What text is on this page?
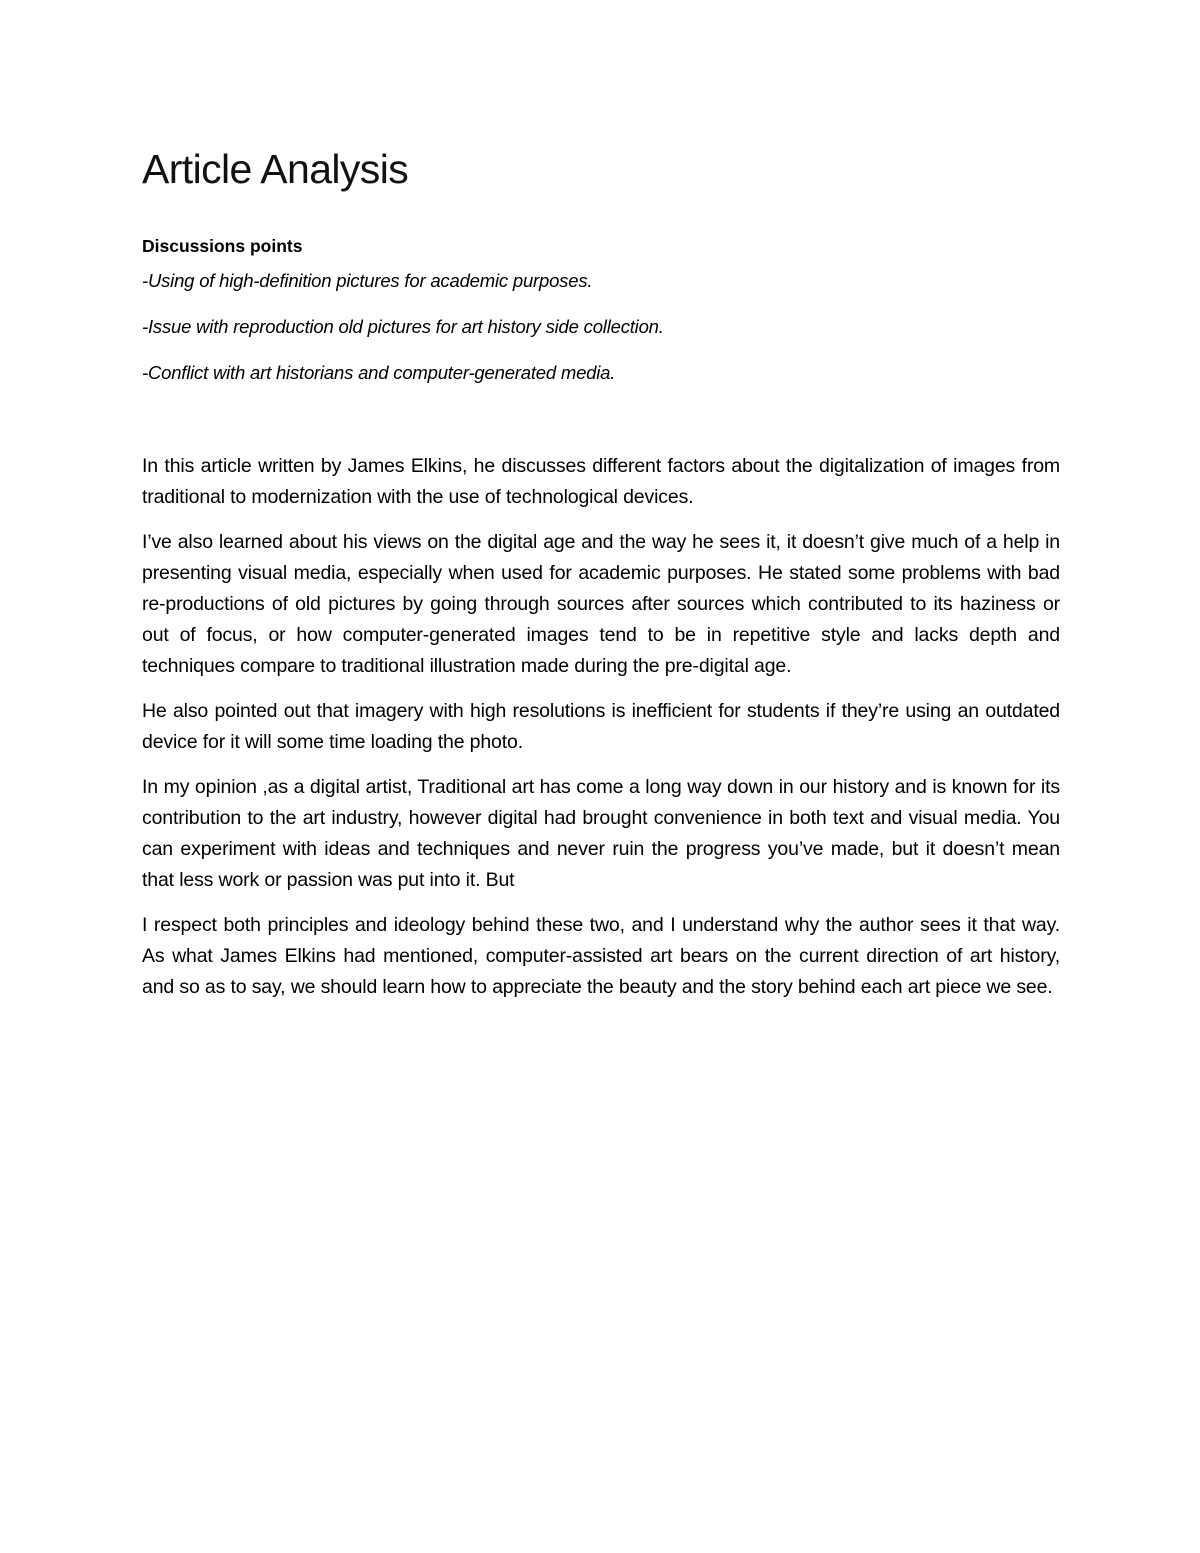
Article Analysis
Discussions points
-Using of high-definition pictures for academic purposes.
-Issue with reproduction old pictures for art history side collection.
-Conflict with art historians and computer-generated media.

In this article written by James Elkins, he discusses different factors about the digitalization of images from traditional to modernization with the use of technological devices.

I’ve also learned about his views on the digital age and the way he sees it, it doesn’t give much of a help in presenting visual media, especially when used for academic purposes. He stated some problems with bad re-productions of old pictures by going through sources after sources which contributed to its haziness or out of focus, or how computer-generated images tend to be in repetitive style and lacks depth and techniques compare to traditional illustration made during the pre-digital age.

He also pointed out that imagery with high resolutions is inefficient for students if they’re using an outdated device for it will some time loading the photo.

In my opinion ,as a digital artist, Traditional art has come a long way down in our history and is known for its contribution to the art industry, however digital had brought convenience in both text and visual media. You can experiment with ideas and techniques and never ruin the progress you’ve made, but it doesn’t mean that less work or passion was put into it. But

I respect both principles and ideology behind these two, and I understand why the author sees it that way. As what James Elkins had mentioned, computer-assisted art bears on the current direction of art history, and so as to say, we should learn how to appreciate the beauty and the story behind each art piece we see.
